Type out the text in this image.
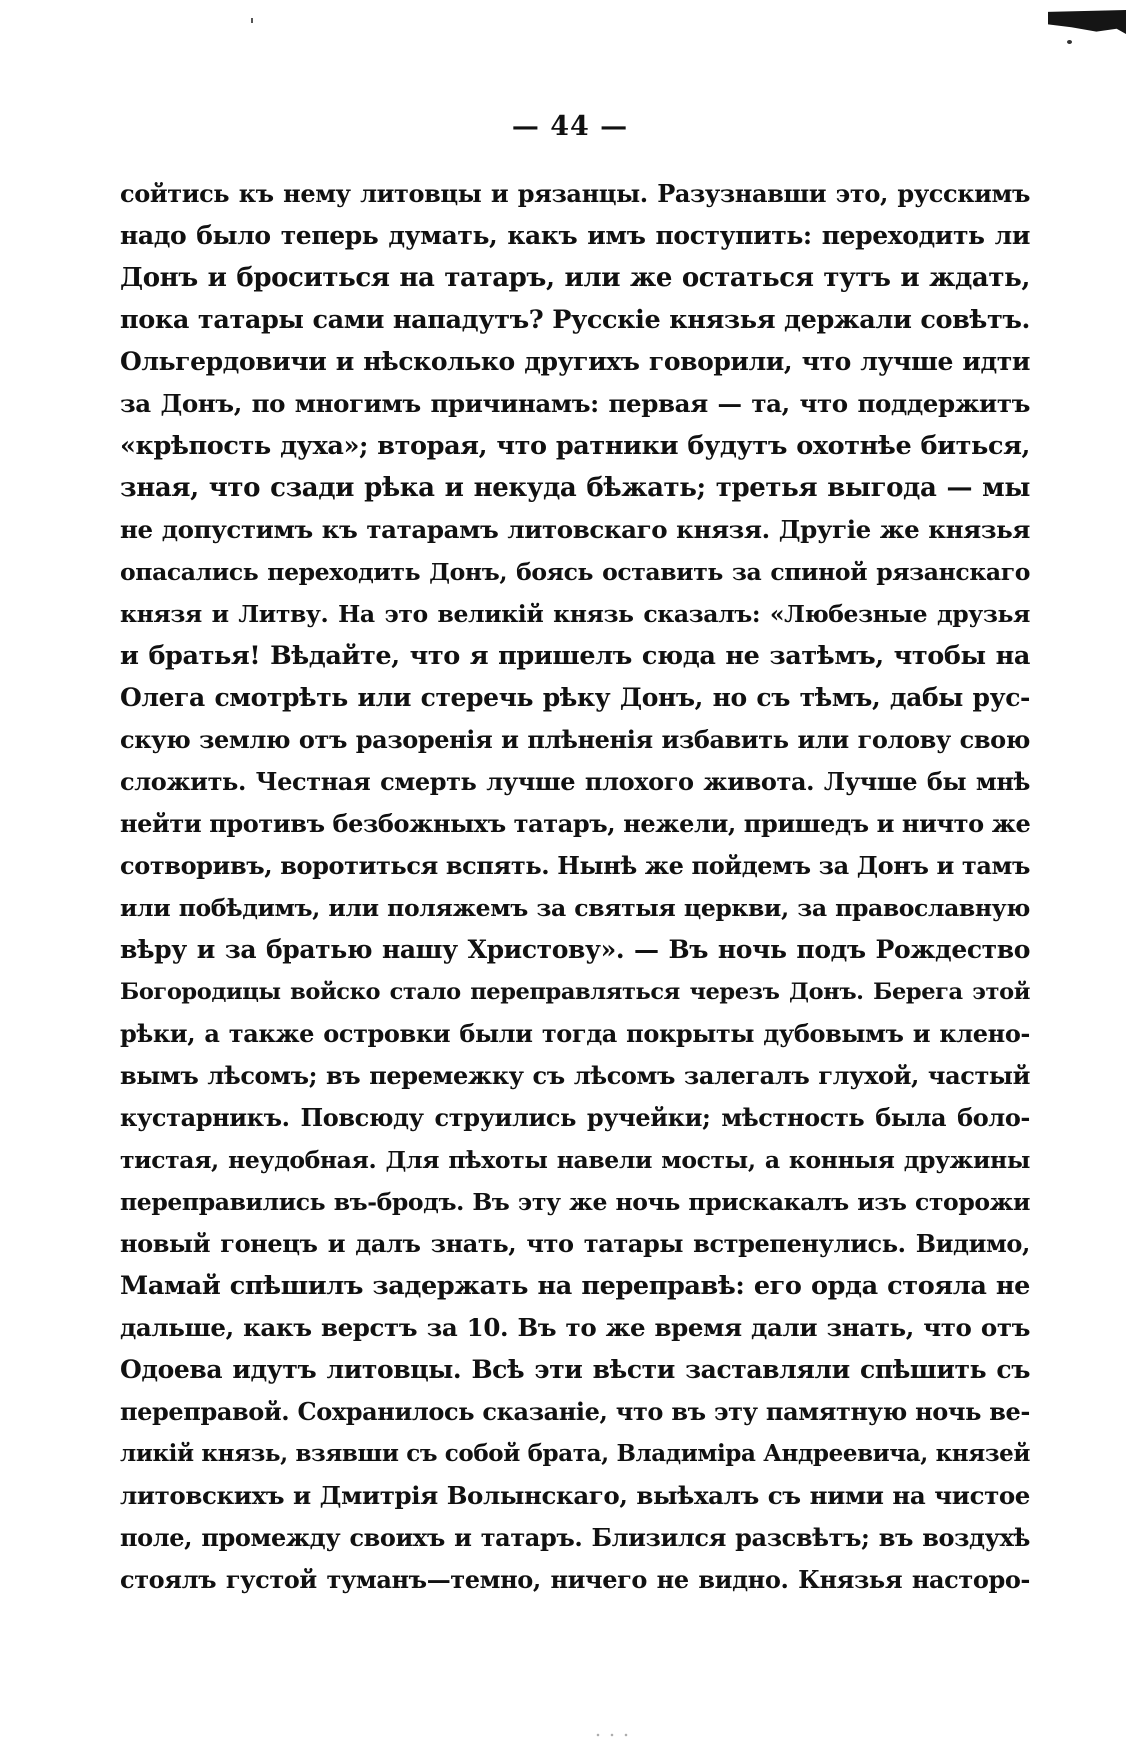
— 44 —
сойтись къ нему литовцы и рязанцы. Разузнавши это, русскимъ
надо было теперь думать, какъ имъ поступить: переходить ли
Донъ и броситься на татаръ, или же остаться тутъ и ждать,
пока татары сами нападутъ? Русскіе князья держали совѣтъ.
Ольгердовичи и нѣсколько другихъ говорили, что лучше идти
за Донъ, по многимъ причинамъ: первая — та, что поддержитъ
«крѣпость духа»; вторая, что ратники будутъ охотнѣе биться,
зная, что сзади рѣка и некуда бѣжать; третья выгода — мы
не допустимъ къ татарамъ литовскаго князя. Другіе же князья
опасались переходить Донъ, боясь оставить за спиной рязанскаго
князя и Литву. На это великій князь сказалъ: «Любезные друзья
и братья! Вѣдайте, что я пришелъ сюда не затѣмъ, чтобы на
Олега смотрѣть или стеречь рѣку Донъ, но съ тѣмъ, дабы рус-
скую землю отъ разоренія и плѣненія избавить или голову свою
сложить. Честная смерть лучше плохого живота. Лучше бы мнѣ
нейти противъ безбожныхъ татаръ, нежели, пришедъ и ничто же
сотворивъ, воротиться вспять. Нынѣ же пойдемъ за Донъ и тамъ
или побѣдимъ, или поляжемъ за святыя церкви, за православную
вѣру и за братью нашу Христову». — Въ ночь подъ Рождество
Богородицы войско стало переправляться черезъ Донъ. Берега этой
рѣки, а также островки были тогда покрыты дубовымъ и клено-
вымъ лѣсомъ; въ перемежку съ лѣсомъ залегалъ глухой, частый
кустарникъ. Повсюду струились ручейки; мѣстность была боло-
тистая, неудобная. Для пѣхоты навели мосты, а конныя дружины
переправились въ-бродъ. Въ эту же ночь прискакалъ изъ сторожи
новый гонецъ и далъ знать, что татары встрепенулись. Видимо,
Мамай спѣшилъ задержать на переправѣ: его орда стояла не
дальше, какъ верстъ за 10. Въ то же время дали знать, что отъ
Одоева идутъ литовцы. Всѣ эти вѣсти заставляли спѣшить съ
переправой. Сохранилось сказаніе, что въ эту памятную ночь ве-
ликій князь, взявши съ собой брата, Владиміра Андреевича, князей
литовскихъ и Дмитрія Волынскаго, выѣхалъ съ ними на чистое
поле, промежду своихъ и татаръ. Близился разсвѣтъ; въ воздухѣ
стоялъ густой туманъ—темно, ничего не видно. Князья насторо-
